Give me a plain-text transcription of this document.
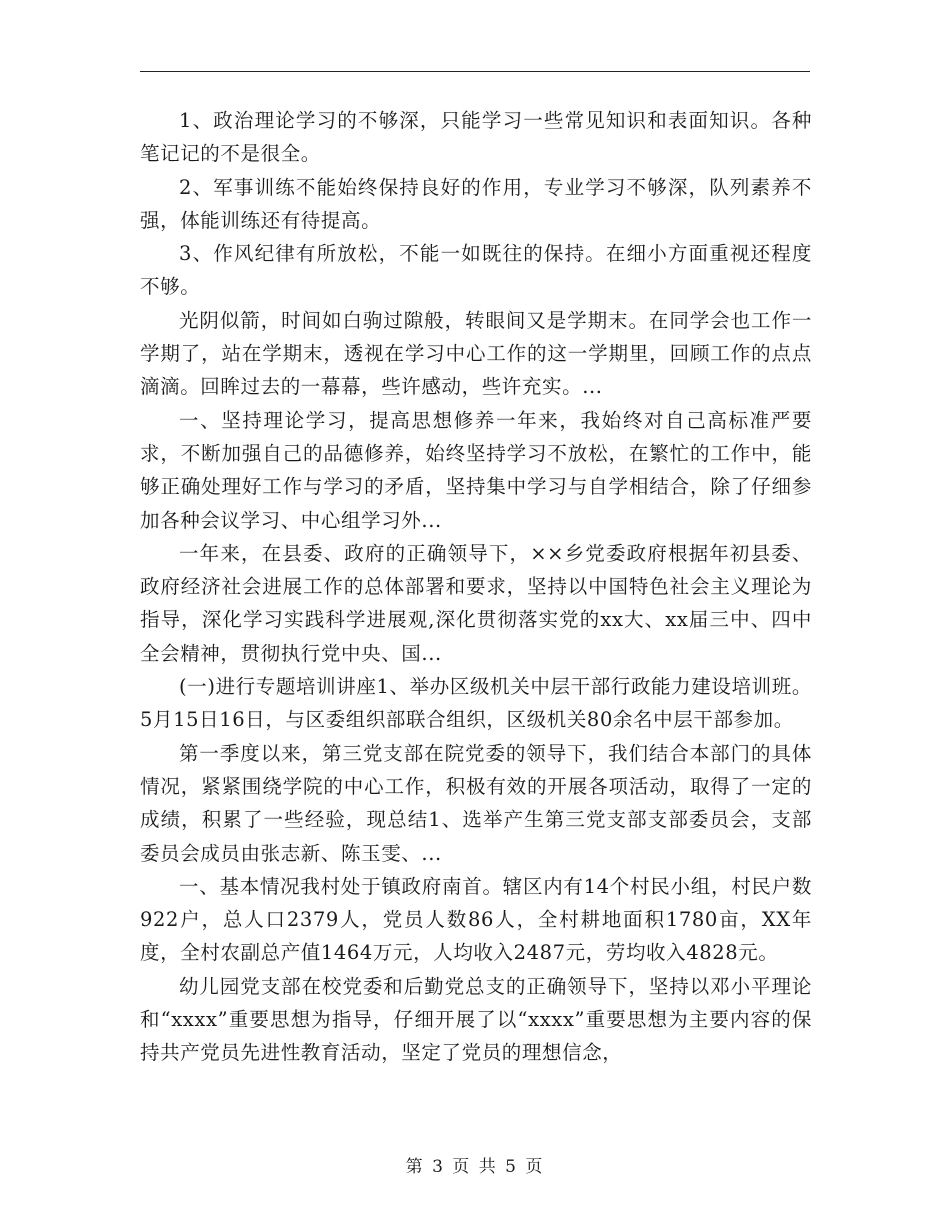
1、政治理论学习的不够深，只能学习一些常见知识和表面知识。各种笔记记的不是很全。

2、军事训练不能始终保持良好的作用，专业学习不够深，队列素养不强，体能训练还有待提高。

3、作风纪律有所放松，不能一如既往的保持。在细小方面重视还程度不够。

光阴似箭，时间如白驹过隙般，转眼间又是学期末。在同学会也工作一学期了，站在学期末，透视在学习中心工作的这一学期里，回顾工作的点点滴滴。回眸过去的一幕幕，些许感动，些许充实。...

一、坚持理论学习，提高思想修养一年来，我始终对自己高标准严要求，不断加强自己的品德修养，始终坚持学习不放松，在繁忙的工作中，能够正确处理好工作与学习的矛盾，坚持集中学习与自学相结合，除了仔细参加各种会议学习、中心组学习外...

一年来，在县委、政府的正确领导下，××乡党委政府根据年初县委、政府经济社会进展工作的总体部署和要求，坚持以中国特色社会主义理论为指导，深化学习实践科学进展观,深化贯彻落实党的xx大、xx届三中、四中全会精神，贯彻执行党中央、国...

(一)进行专题培训讲座1、举办区级机关中层干部行政能力建设培训班。5月15日16日，与区委组织部联合组织，区级机关80余名中层干部参加。

第一季度以来，第三党支部在院党委的领导下，我们结合本部门的具体情况，紧紧围绕学院的中心工作，积极有效的开展各项活动，取得了一定的成绩，积累了一些经验，现总结1、选举产生第三党支部支部委员会，支部委员会成员由张志新、陈玉雯、...

一、基本情况我村处于镇政府南首。辖区内有14个村民小组，村民户数922户，总人口2379人，党员人数86人，全村耕地面积1780亩，XX年度，全村农副总产值1464万元，人均收入2487元，劳均收入4828元。

幼儿园党支部在校党委和后勤党总支的正确领导下，坚持以邓小平理论和“xxxx”重要思想为指导，仔细开展了以“xxxx”重要思想为主要内容的保持共产党员先进性教育活动，坚定了党员的理想信念，

第 3 页 共 5 页
